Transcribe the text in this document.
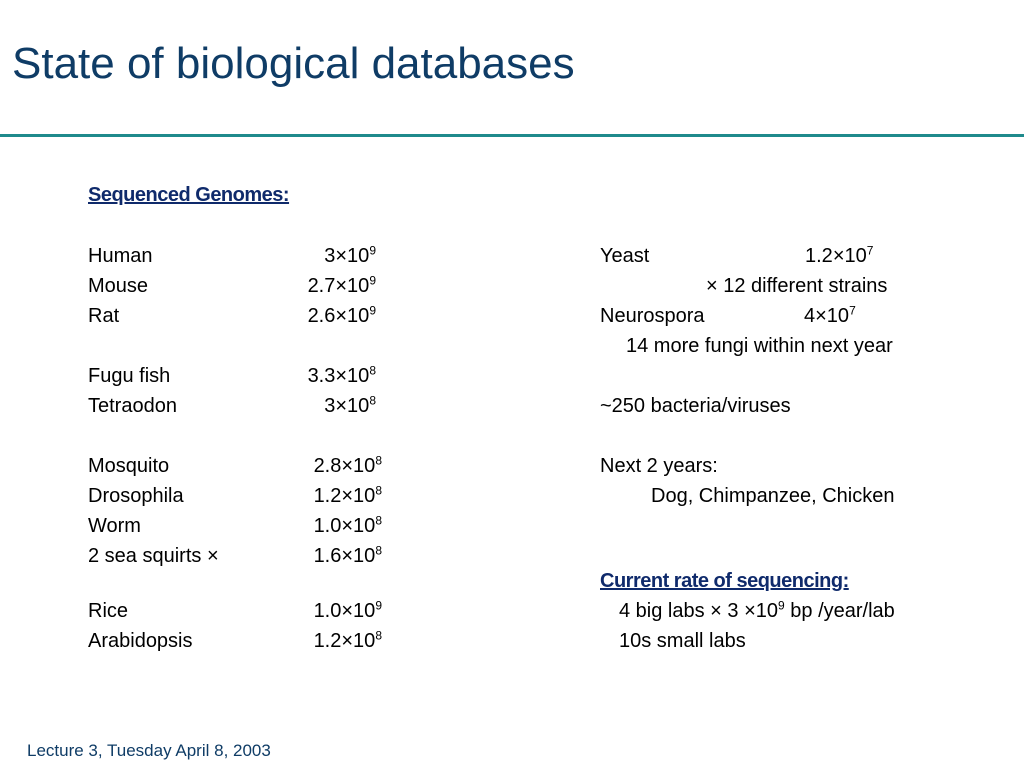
State of biological databases
Sequenced Genomes:
Human	$3\times 10^9$
Mouse	$2.7\times 10^9$
Rat	$2.6\times 10^9$
Fugu fish	$3.3\times 10^8$
Tetraodon	$3\times 10^8$
Mosquito	$2.8\times 10^8$
Drosophila	$1.2\times 10^8$
Worm	$1.0\times 10^8$
2 sea squirts ×	$1.6\times 10^8$
Rice	$1.0\times 10^9$
Arabidopsis	$1.2\times 10^8$
Yeast	$1.2\times 10^7$
× 12 different strains
Neurospora	$4\times 10^7$
14 more fungi within next year
~250 bacteria/viruses
Next 2 years:
Dog, Chimpanzee, Chicken
Current rate of sequencing:
4 big labs × $3 \times 10^9$ bp /year/lab
10s small labs
Lecture 3, Tuesday April 8, 2003
